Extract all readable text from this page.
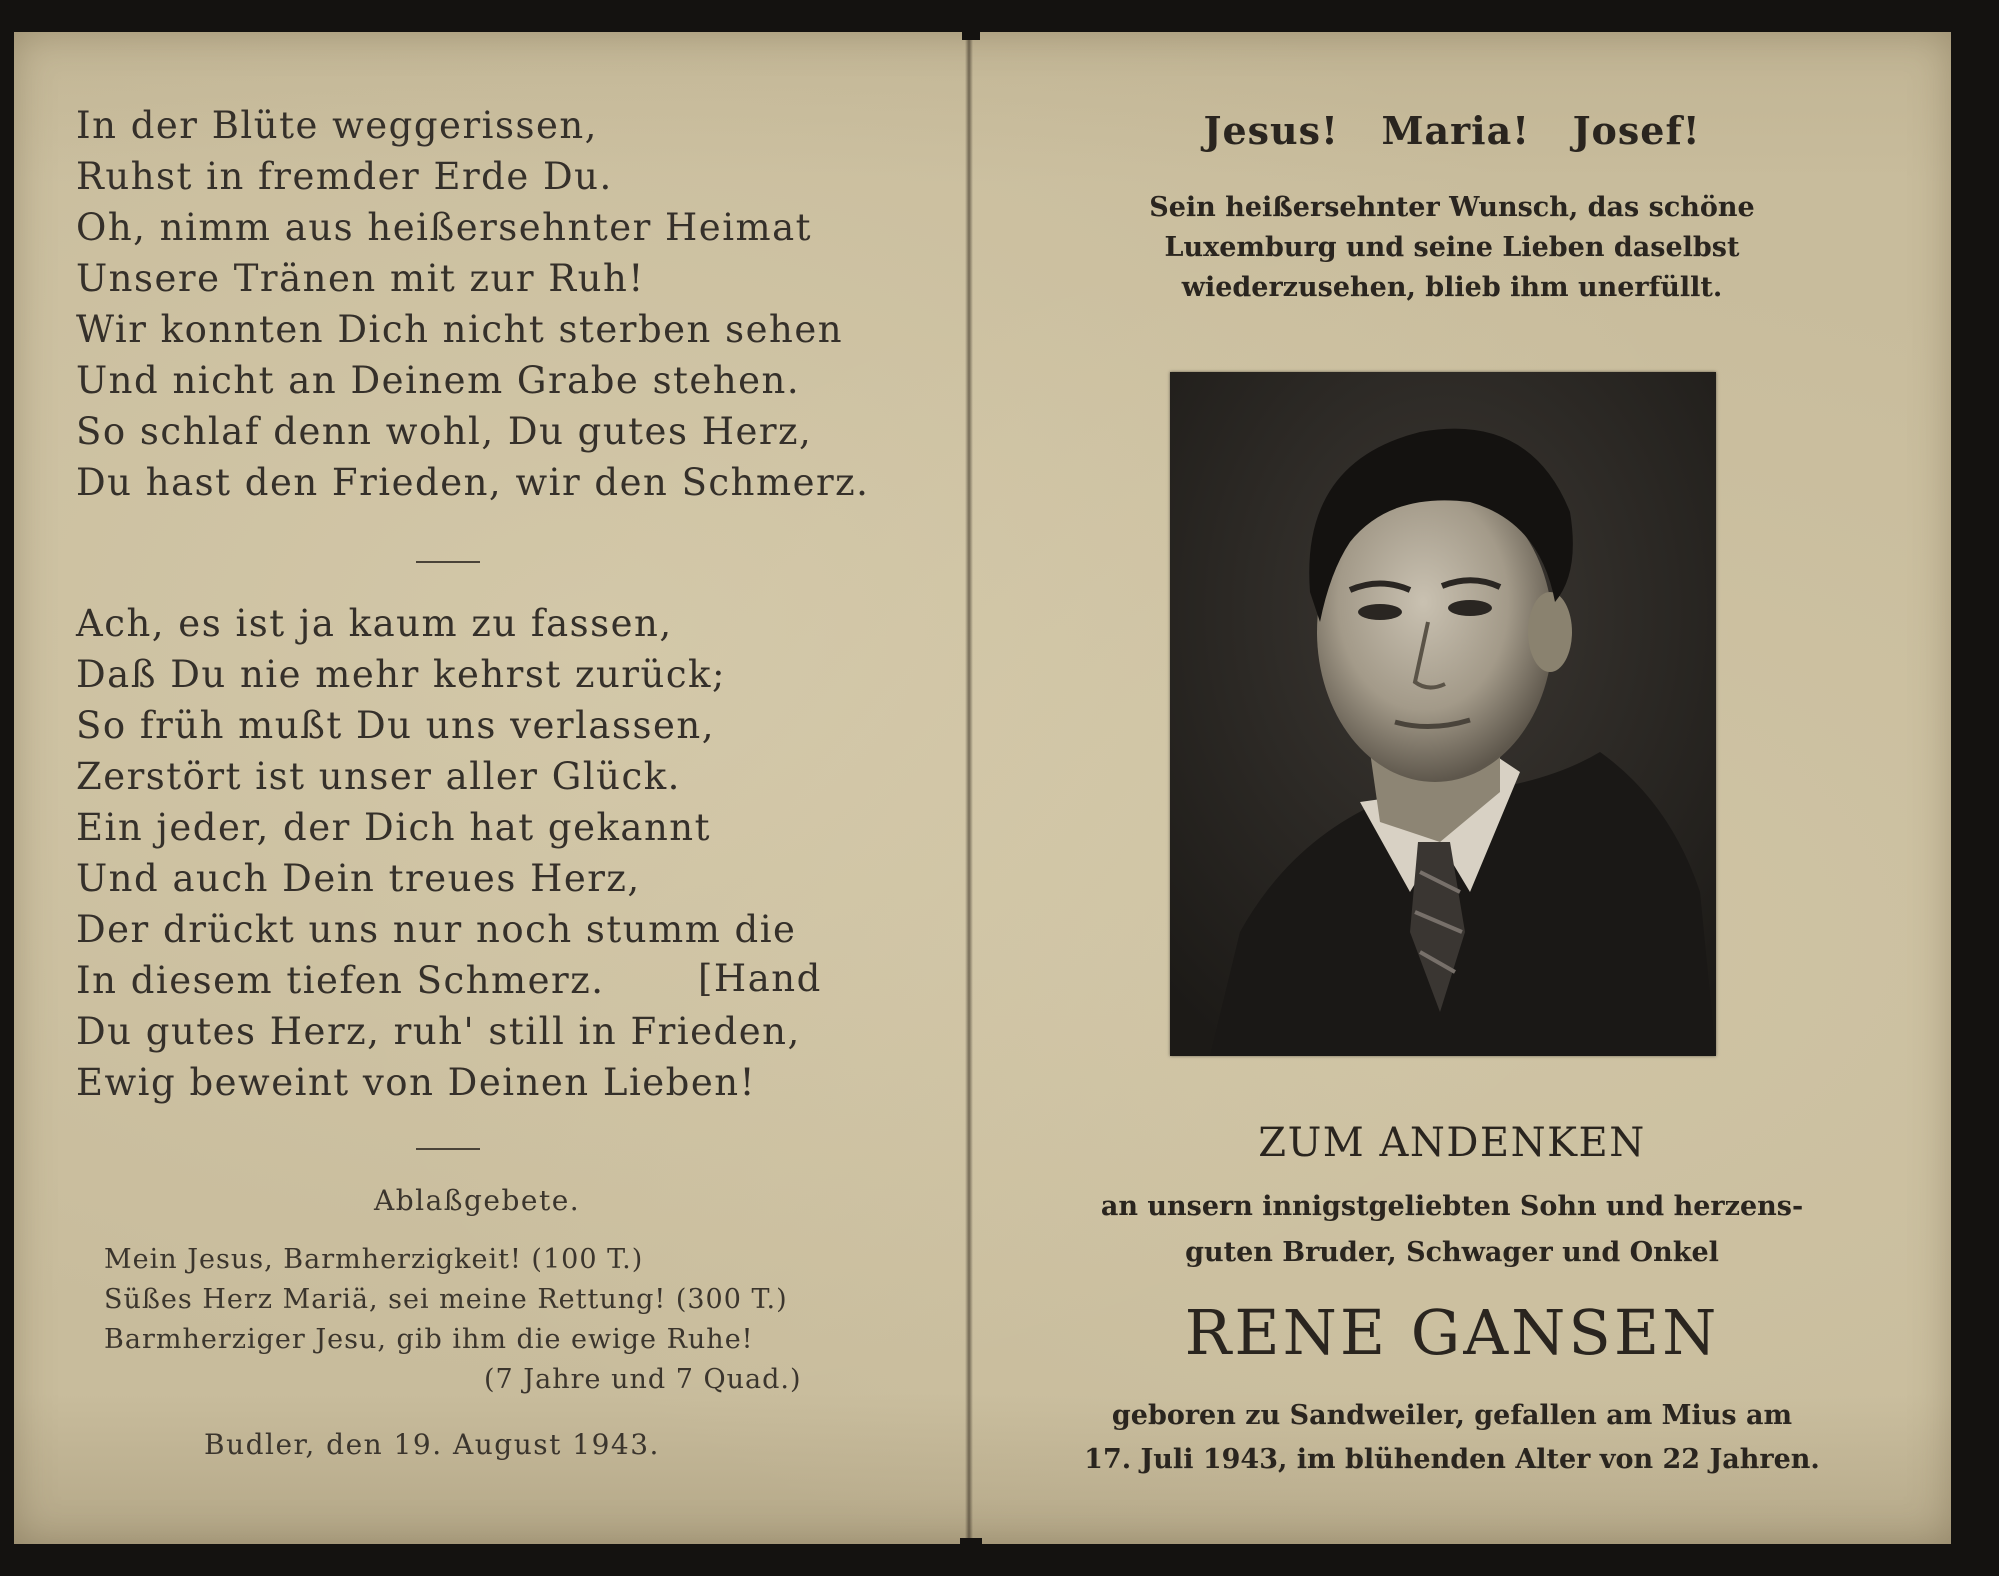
In der Blüte weggerissen,
Ruhst in fremder Erde Du.
Oh, nimm aus heißersehnter Heimat
Unsere Tränen mit zur Ruh!
Wir konnten Dich nicht sterben sehen
Und nicht an Deinem Grabe stehen.
So schlaf denn wohl, Du gutes Herz,
Du hast den Frieden, wir den Schmerz.
Ach, es ist ja kaum zu fassen,
Daß Du nie mehr kehrst zurück;
So früh mußt Du uns verlassen,
Zerstört ist unser aller Glück.
Ein jeder, der Dich hat gekannt
Und auch Dein treues Herz,
Der drückt uns nur noch stumm die
In diesem tiefen Schmerz.
Du gutes Herz, ruh' still in Frieden,
Ewig beweint von Deinen Lieben!
[Hand
Ablaßgebete.
Mein Jesus, Barmherzigkeit! (100 T.)
Süßes Herz Mariä, sei meine Rettung! (300 T.)
Barmherziger Jesu, gib ihm die ewige Ruhe!
(7 Jahre und 7 Quad.)
Budler, den 19. August 1943.
Jesus!   Maria!   Josef!
Sein heißersehnter Wunsch, das schöne
Luxemburg und seine Lieben daselbst
wiederzusehen, blieb ihm unerfüllt.
ZUM ANDENKEN
an unsern innigstgeliebten Sohn und herzens-
guten Bruder, Schwager und Onkel
RENE GANSEN
geboren zu Sandweiler, gefallen am Mius am
17. Juli 1943, im blühenden Alter von 22 Jahren.
